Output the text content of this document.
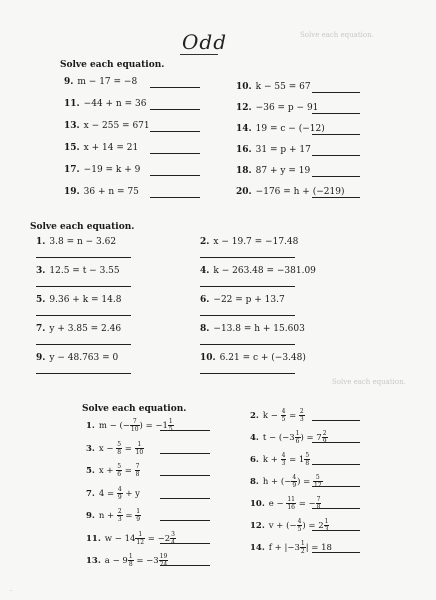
Solve each equation.
Solve each equation.
Odd
Solve each equation.
9. m − 17 = −8
11. −44 + n = 36
13. x − 255 = 671
15. x + 14 = 21
17. −19 = k + 9
19. 36 + n = 75
10. k − 55 = 67
12. −36 = p − 91
14. 19 = c − (−12)
16. 31 = p + 17
18. 87 + y = 19
20. −176 = h + (−219)
Solve each equation.
1. 3.8 = n − 3.62
3. 12.5 = t − 3.55
5. 9.36 + k = 14.8
7. y + 3.85 = 2.46
9. y − 48.763 = 0
2. x − 19.7 = −17.48
4. k − 263.48 = −381.09
6. −22 = p + 13.7
8. −13.8 = h + 15.603
10. 6.21 = c + (−3.48)
Solve each equation.
1. m − (− $\frac{7}{10}$ ) = $-1 \frac{1}{5}$
3. $x - \frac{5}{8} = \frac{1}{10}$
5. $x + \frac{5}{6} = \frac{7}{8}$
7. $4 = \frac{4}{9} + y$
9. $n + \frac{2}{3} = \frac{1}{9}$
11. $w - 14 \frac{1}{12} = -2 \frac{3}{4}$
13. $a - 9 \frac{1}{8} = -3 \frac{19}{24}$
2. $k - \frac{4}{5} = \frac{2}{3}$
4. $t - (-3 \frac{1}{6}$ ) = $7 \frac{2}{9}$
6. $k + \frac{4}{3} = 1 \frac{5}{8}$
8. h + (− $\frac{4}{9}$ ) = $\frac{5}{12}$
10. $e - \frac{11}{16}$ = − $\frac{7}{8}$
12. v + (− $\frac{4}{5}$ ) = $2 \frac{1}{3}$
14. $f + |-3 \frac{1}{2}$ | = 18
·
